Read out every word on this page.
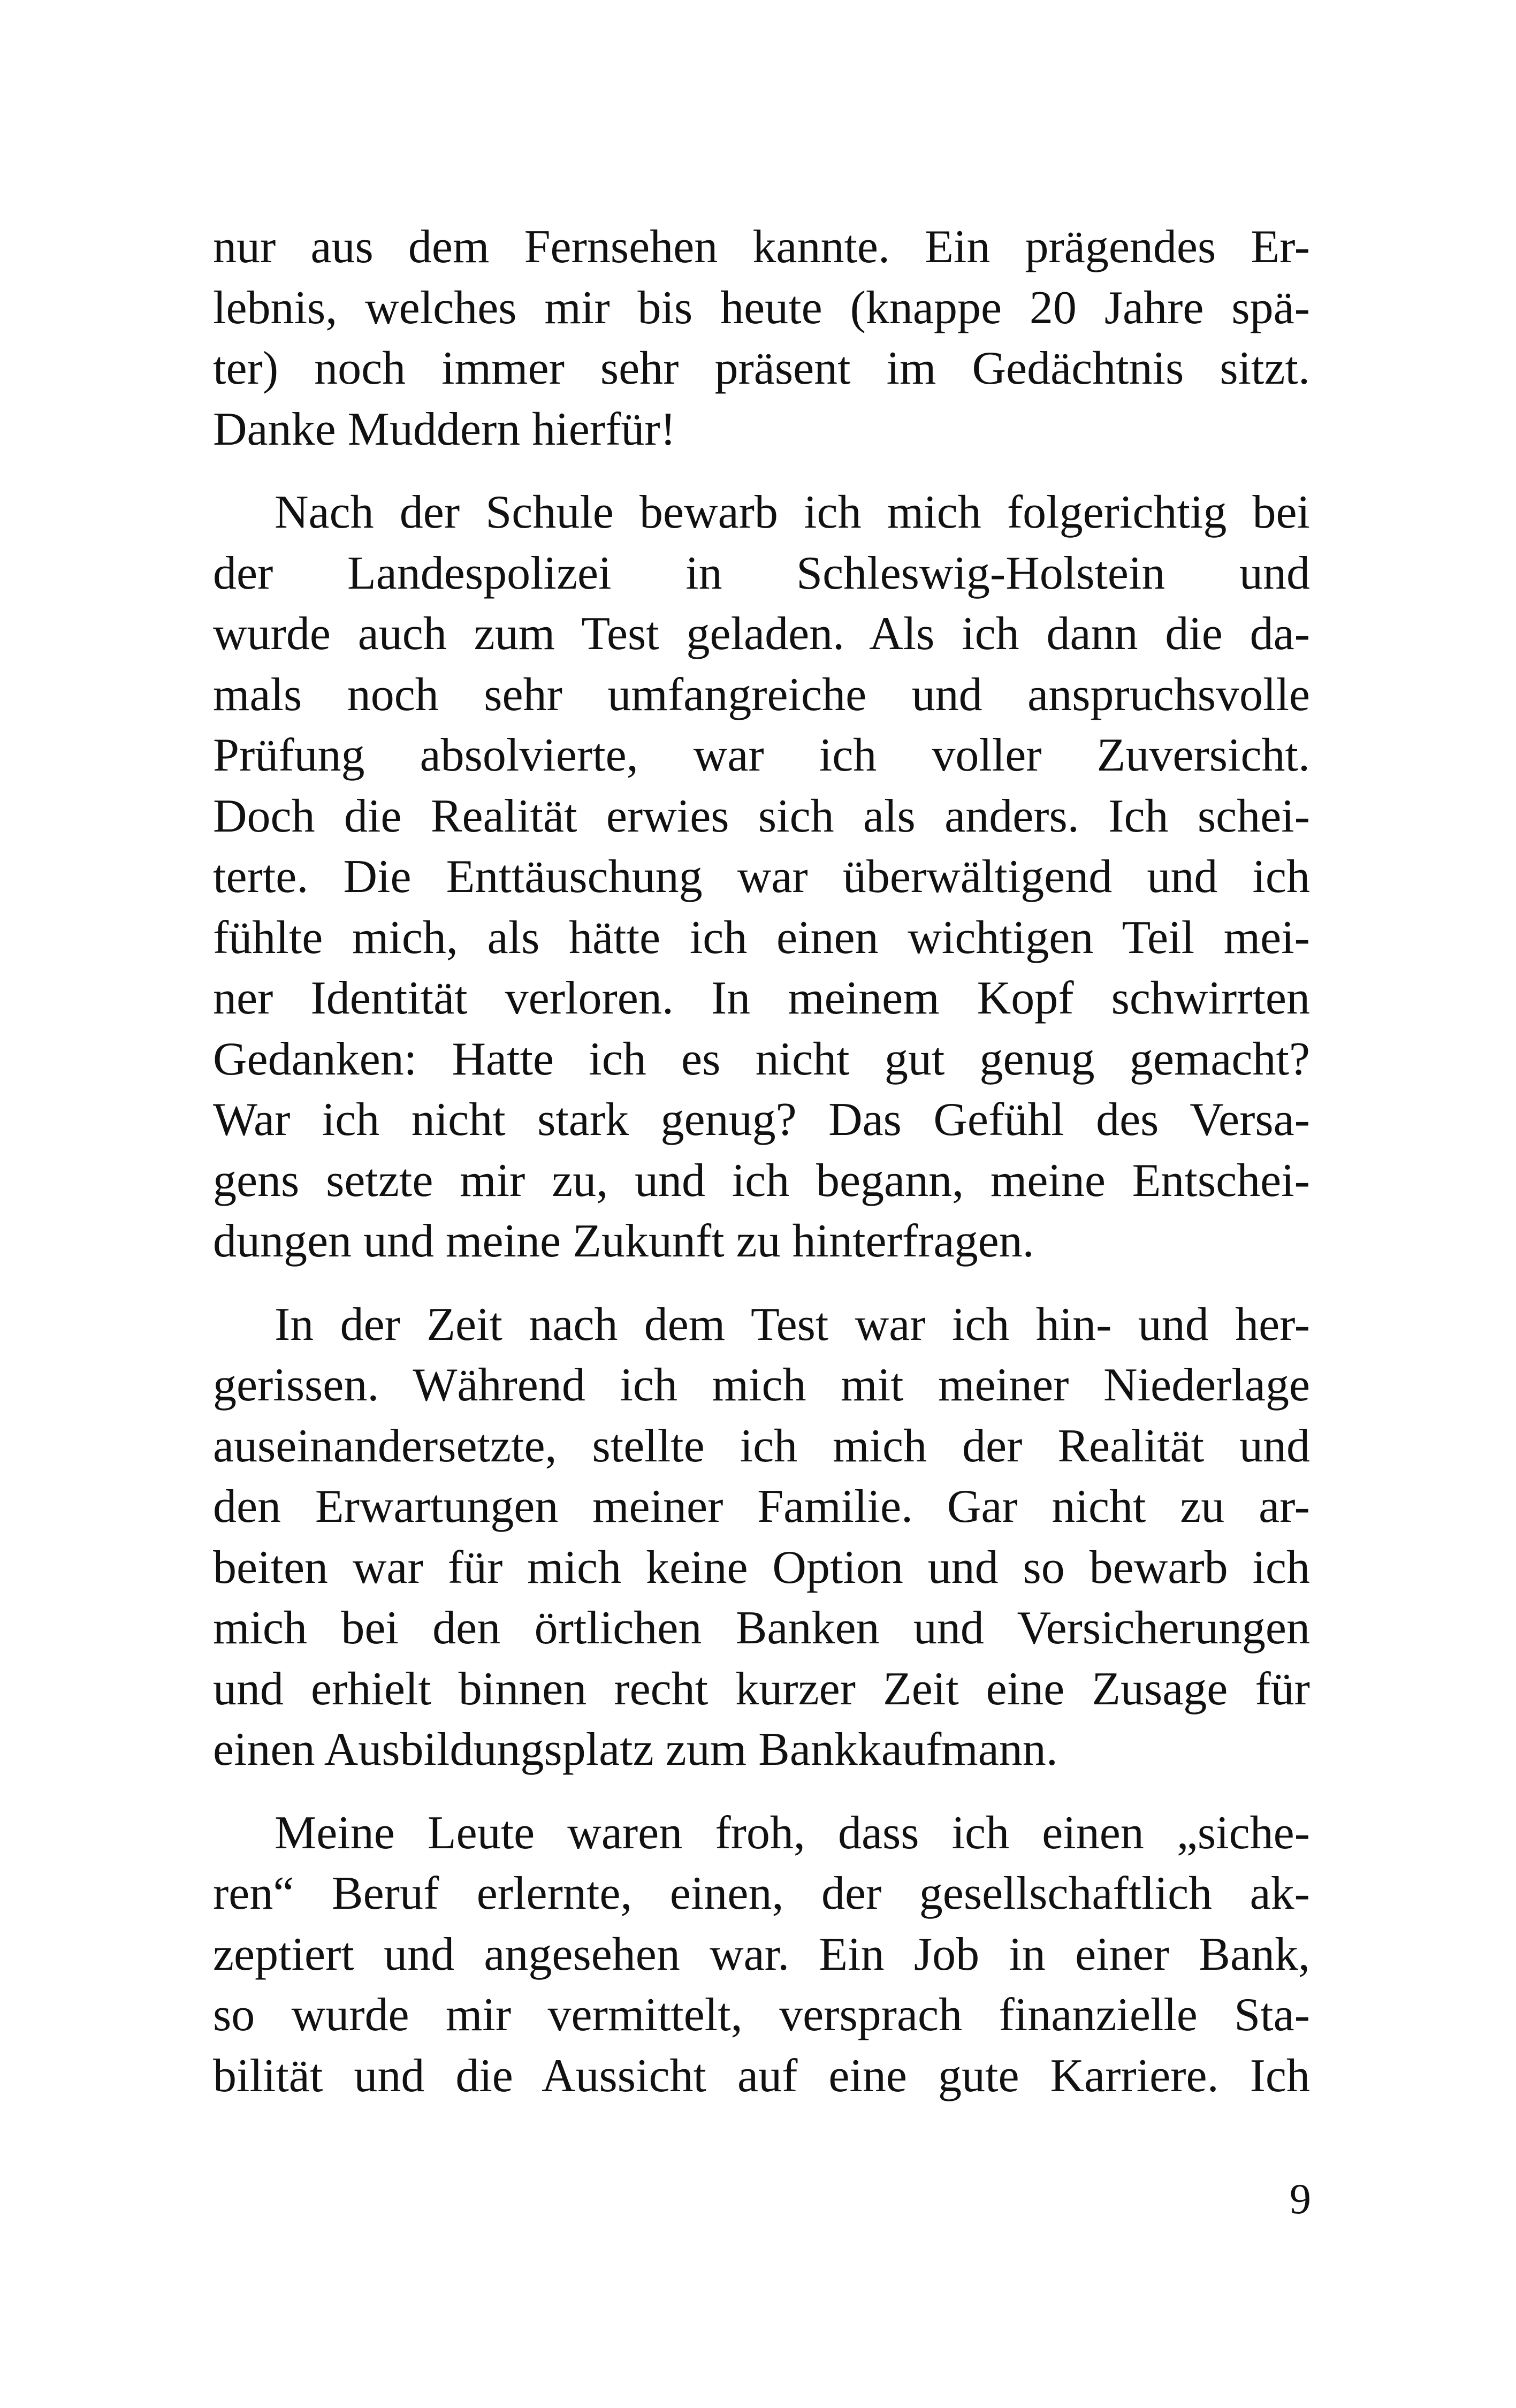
nur aus dem Fernsehen kannte. Ein prägendes Er-
lebnis, welches mir bis heute (knappe 20 Jahre spä-
ter) noch immer sehr präsent im Gedächtnis sitzt.
Danke Muddern hierfür!
Nach der Schule bewarb ich mich folgerichtig bei
der Landespolizei in Schleswig-Holstein und
wurde auch zum Test geladen. Als ich dann die da-
mals noch sehr umfangreiche und anspruchsvolle
Prüfung absolvierte, war ich voller Zuversicht.
Doch die Realität erwies sich als anders. Ich schei-
terte. Die Enttäuschung war überwältigend und ich
fühlte mich, als hätte ich einen wichtigen Teil mei-
ner Identität verloren. In meinem Kopf schwirrten
Gedanken: Hatte ich es nicht gut genug gemacht?
War ich nicht stark genug? Das Gefühl des Versa-
gens setzte mir zu, und ich begann, meine Entschei-
dungen und meine Zukunft zu hinterfragen.
In der Zeit nach dem Test war ich hin- und her-
gerissen. Während ich mich mit meiner Niederlage
auseinandersetzte, stellte ich mich der Realität und
den Erwartungen meiner Familie. Gar nicht zu ar-
beiten war für mich keine Option und so bewarb ich
mich bei den örtlichen Banken und Versicherungen
und erhielt binnen recht kurzer Zeit eine Zusage für
einen Ausbildungsplatz zum Bankkaufmann.
Meine Leute waren froh, dass ich einen „siche-
ren“ Beruf erlernte, einen, der gesellschaftlich ak-
zeptiert und angesehen war. Ein Job in einer Bank,
so wurde mir vermittelt, versprach finanzielle Sta-
bilität und die Aussicht auf eine gute Karriere. Ich
9
